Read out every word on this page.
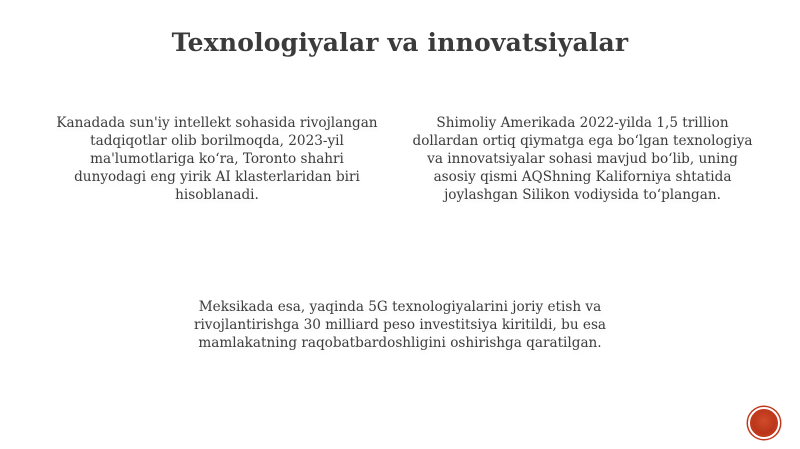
Texnologiyalar va innovatsiyalar
Kanadada sun'iy intellekt sohasida rivojlangan tadqiqotlar olib borilmoqda, 2023-yil ma'lumotlariga ko‘ra, Toronto shahri dunyodagi eng yirik AI klasterlaridan biri hisoblanadi.
Shimoliy Amerikada 2022-yilda 1,5 trillion dollardan ortiq qiymatga ega bo‘lgan texnologiya va innovatsiyalar sohasi mavjud bo‘lib, uning asosiy qismi AQShning Kaliforniya shtatida joylashgan Silikon vodiysida to‘plangan.
Meksikada esa, yaqinda 5G texnologiyalarini joriy etish va rivojlantirishga 30 milliard peso investitsiya kiritildi, bu esa mamlakatning raqobatbardoshligini oshirishga qaratilgan.
